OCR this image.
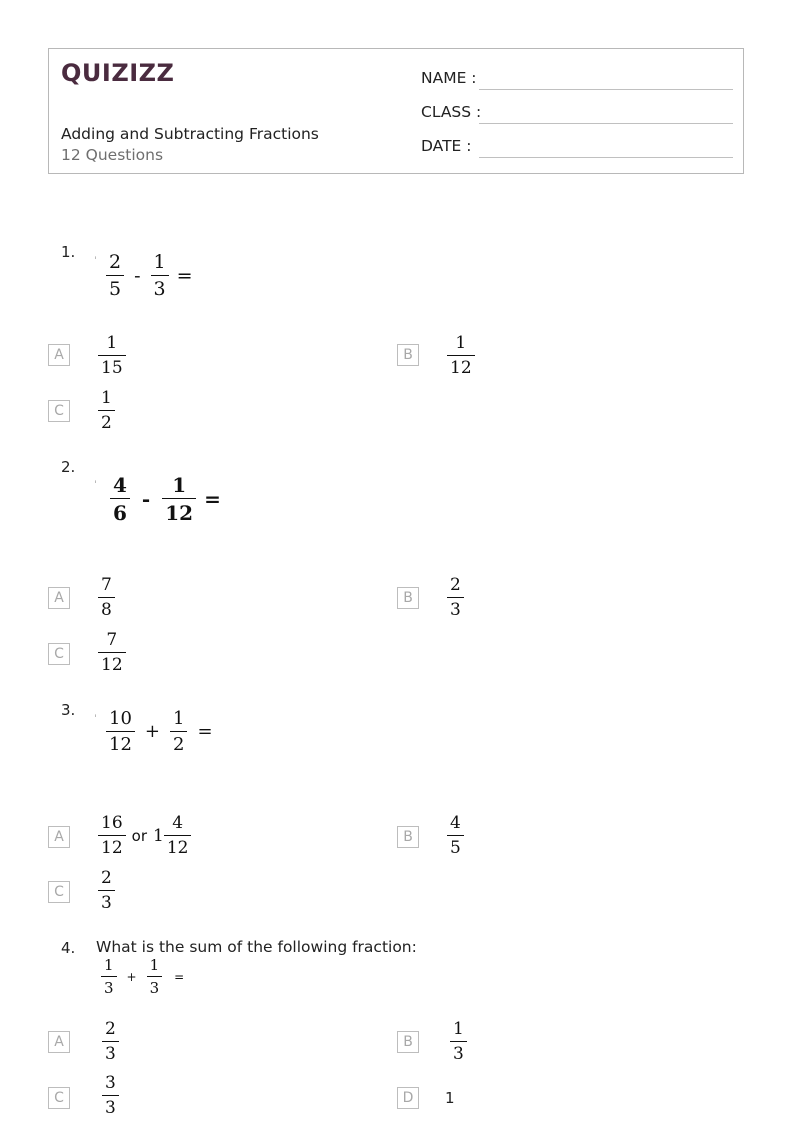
QUIZIZZ
Adding and Subtracting Fractions
12 Questions
NAME :
CLASS :
DATE :
1.
ˈ $\frac{2}{5} - \frac{1}{3}$ =
A	$\frac{1}{15}$	B	$\frac{1}{12}$
C	$\frac{1}{2}$
2.
ˈ $\frac{4}{6} - \frac{1}{12}$ =
A	$\frac{7}{8}$	B	$\frac{2}{3}$
C	$\frac{7}{12}$
3.
ˈ $\frac{10}{12} + \frac{1}{2}$ =
A	$\frac{16}{12}$ or $1 \frac{4}{12}$	B	$\frac{4}{5}$
C	$\frac{2}{3}$
4. What is the sum of the following fraction:
$\frac{1}{3} + \frac{1}{3}$ =
A	$\frac{2}{3}$	B	$\frac{1}{3}$
C	$\frac{3}{3}$	D	1
